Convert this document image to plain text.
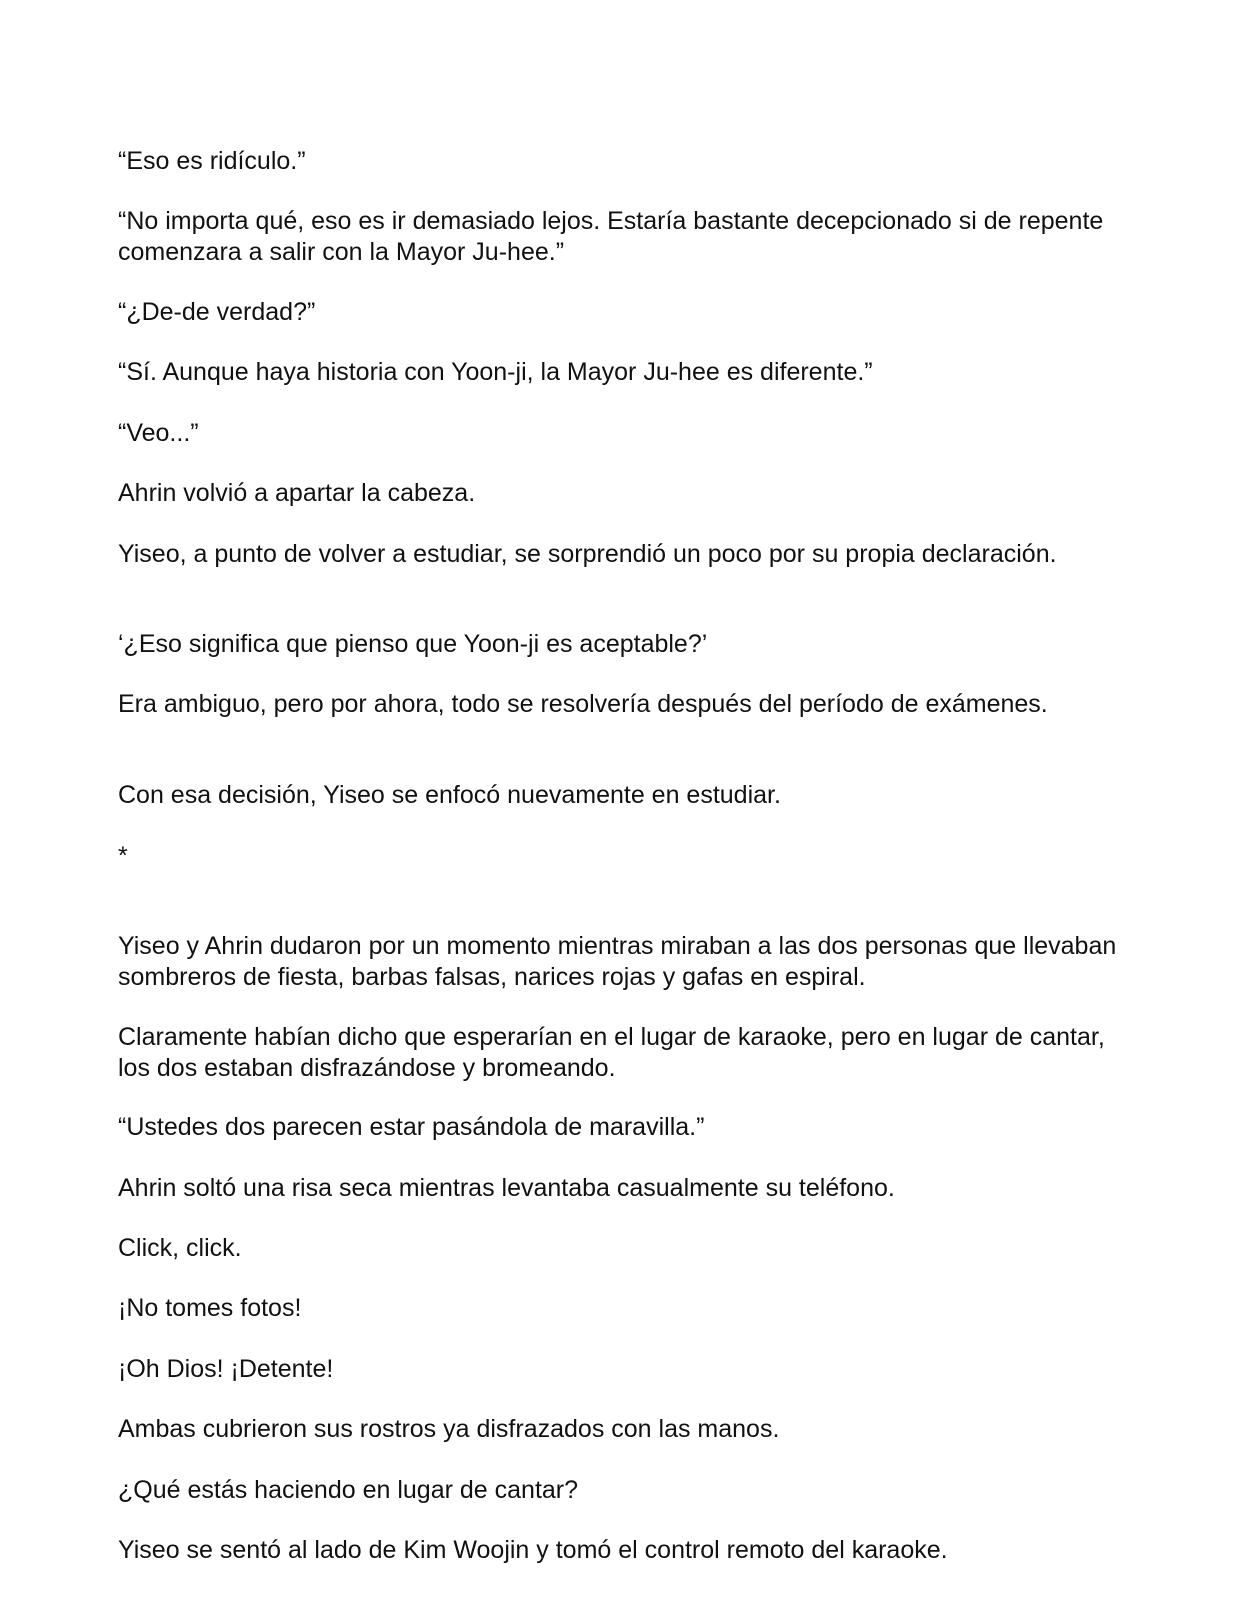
“Eso es ridículo.”

“No importa qué, eso es ir demasiado lejos. Estaría bastante decepcionado si de repente comenzara a salir con la Mayor Ju-hee.”

“¿De-de verdad?”

“Sí. Aunque haya historia con Yoon-ji, la Mayor Ju-hee es diferente.”

“Veo...”

Ahrin volvió a apartar la cabeza.

Yiseo, a punto de volver a estudiar, se sorprendió un poco por su propia declaración.

‘¿Eso significa que pienso que Yoon-ji es aceptable?’

Era ambiguo, pero por ahora, todo se resolvería después del período de exámenes.

Con esa decisión, Yiseo se enfocó nuevamente en estudiar.

*

Yiseo y Ahrin dudaron por un momento mientras miraban a las dos personas que llevaban sombreros de fiesta, barbas falsas, narices rojas y gafas en espiral.

Claramente habían dicho que esperarían en el lugar de karaoke, pero en lugar de cantar, los dos estaban disfrazándose y bromeando.

“Ustedes dos parecen estar pasándola de maravilla.”

Ahrin soltó una risa seca mientras levantaba casualmente su teléfono.

Click, click.

¡No tomes fotos!

¡Oh Dios! ¡Detente!

Ambas cubrieron sus rostros ya disfrazados con las manos.

¿Qué estás haciendo en lugar de cantar?

Yiseo se sentó al lado de Kim Woojin y tomó el control remoto del karaoke.
